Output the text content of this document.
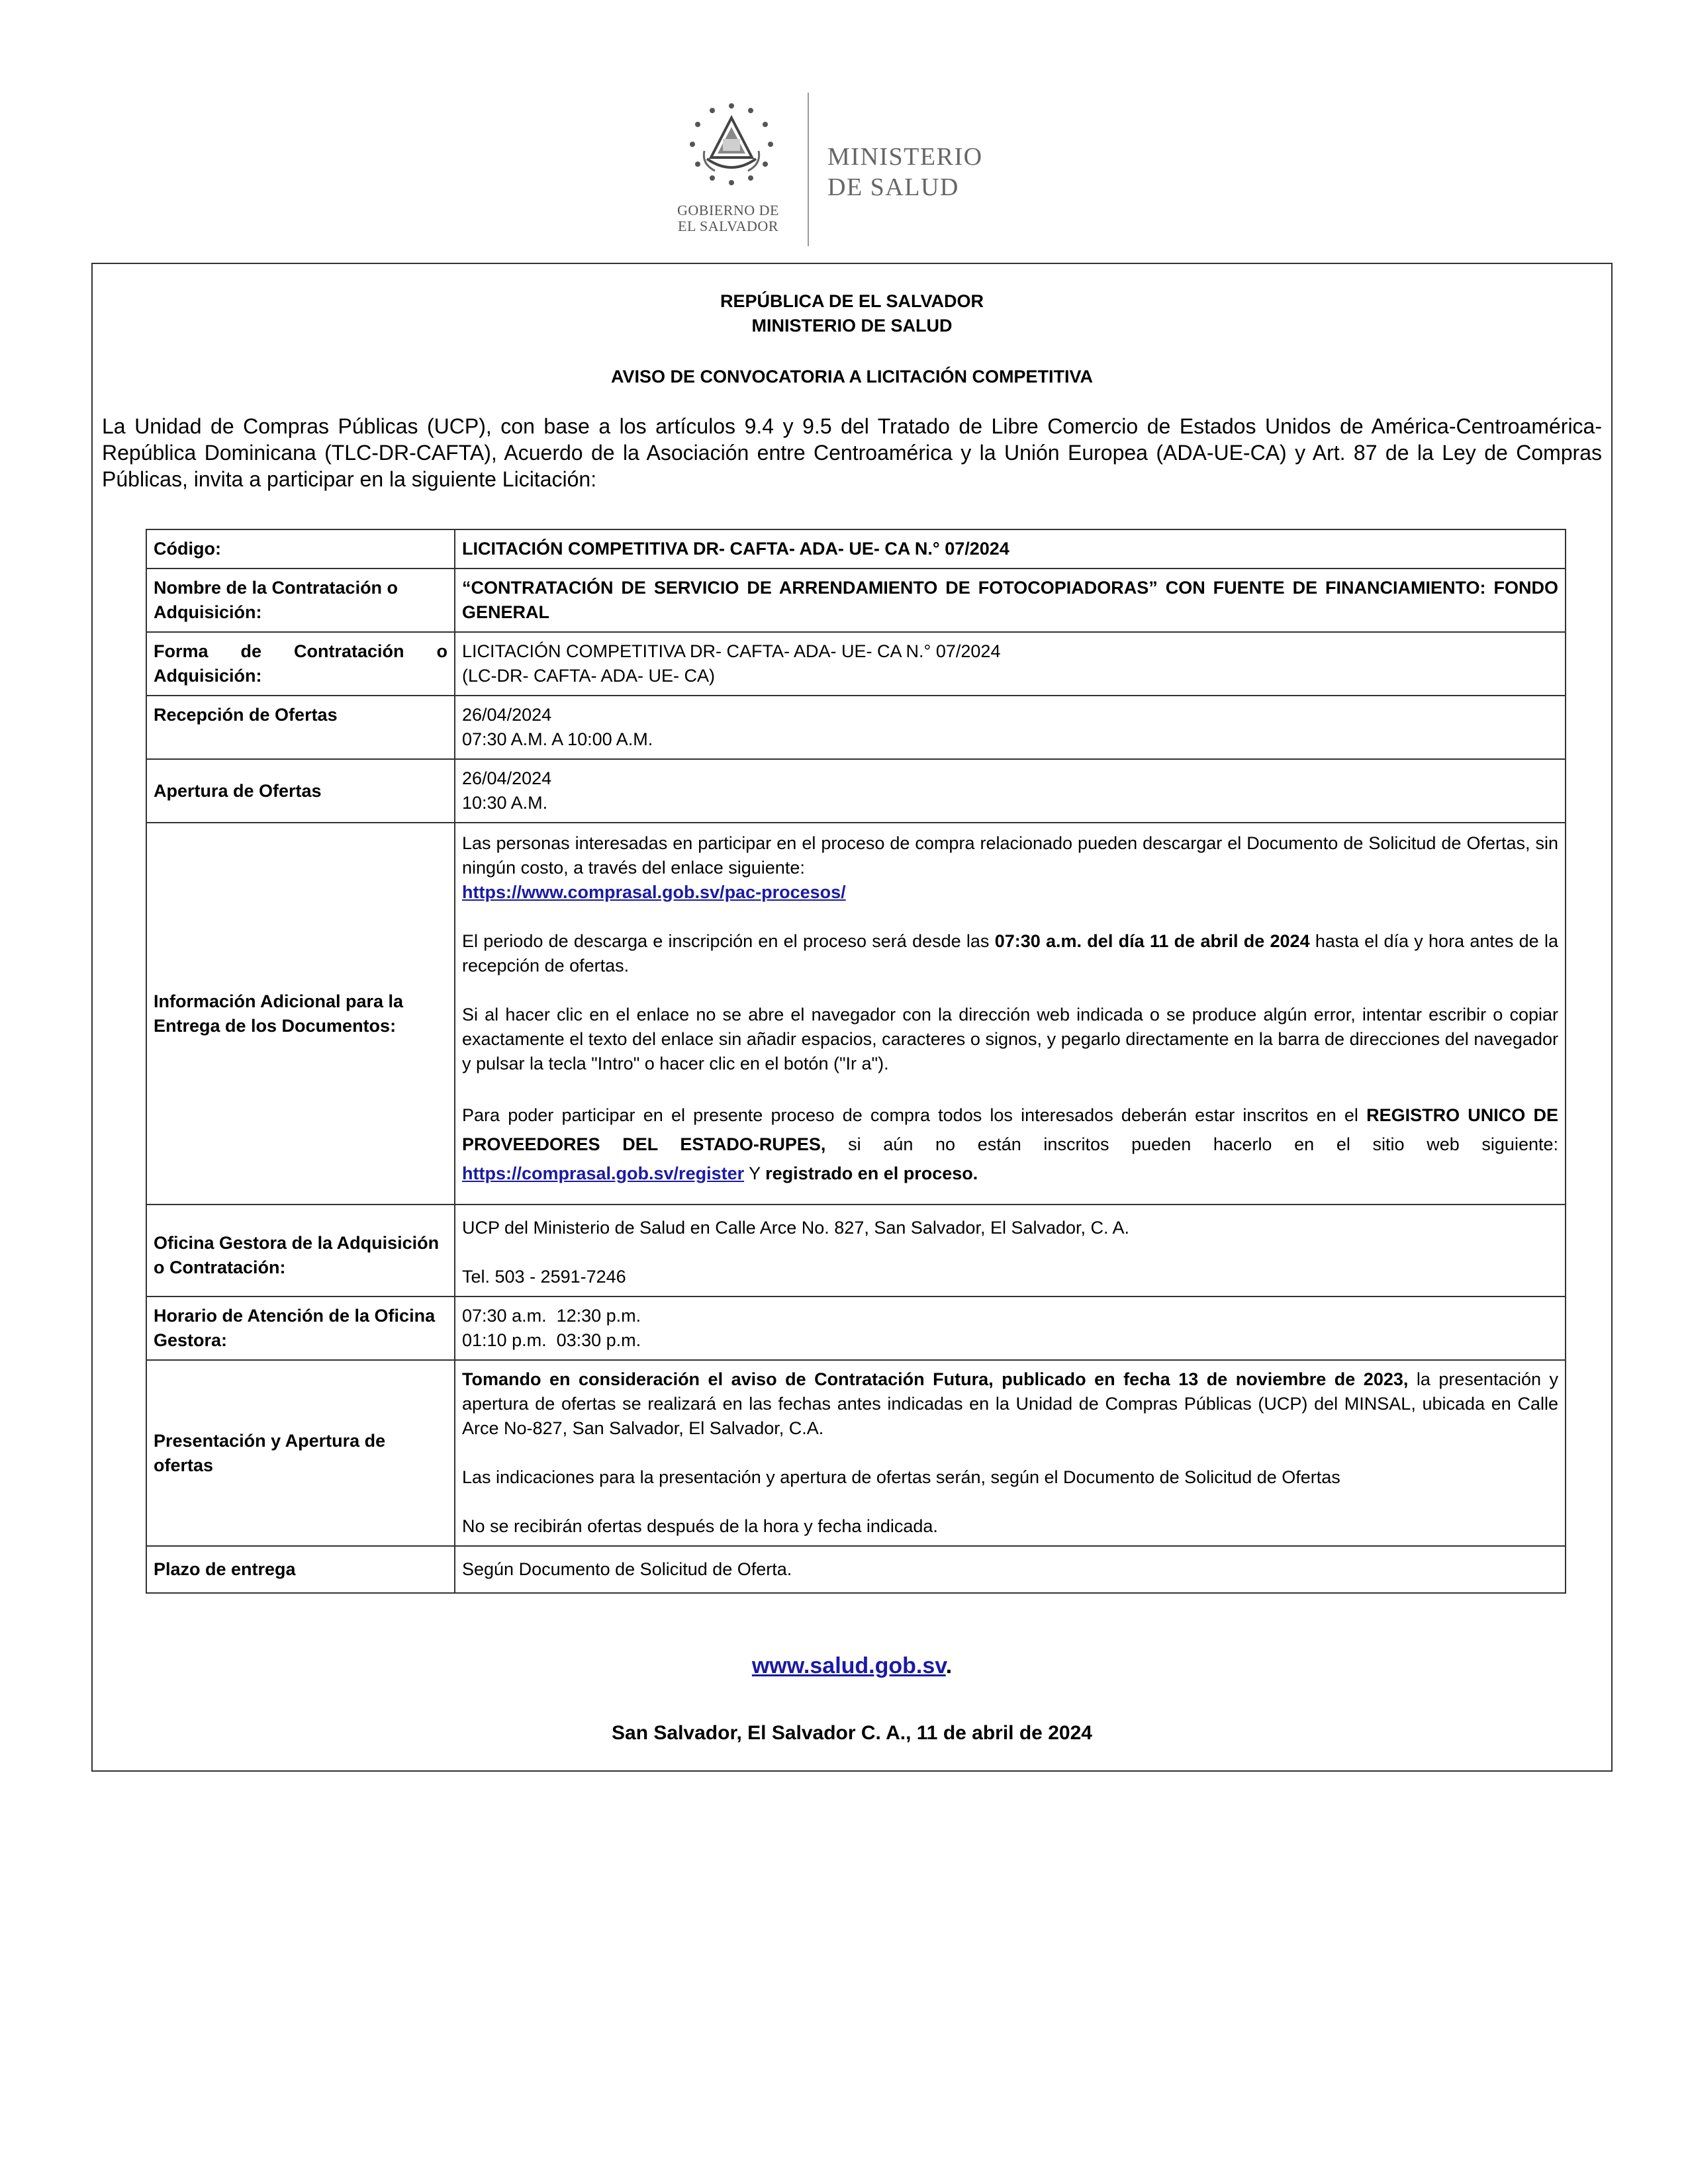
GOBIERNO DE
EL SALVADOR
MINISTERIO
DE SALUD
REPÚBLICA DE EL SALVADOR
MINISTERIO DE SALUD
AVISO DE CONVOCATORIA A LICITACIÓN COMPETITIVA
La Unidad de Compras Públicas (UCP), con base a los artículos 9.4 y 9.5 del Tratado de Libre Comercio de Estados Unidos de América-Centroamérica-República Dominicana (TLC-DR-CAFTA), Acuerdo de la Asociación entre Centroamérica y la Unión Europea (ADA-UE-CA) y Art. 87 de la Ley de Compras Públicas, invita a participar en la siguiente Licitación:
Código:	LICITACIÓN COMPETITIVA DR- CAFTA- ADA- UE- CA N.° 07/2024
Nombre de la Contratación o Adquisición:	“CONTRATACIÓN DE SERVICIO DE ARRENDAMIENTO DE FOTOCOPIADORAS” CON FUENTE DE FINANCIAMIENTO: FONDO GENERAL
Forma de Contratación o Adquisición:	LICITACIÓN COMPETITIVA DR- CAFTA- ADA- UE- CA N.° 07/2024

(LC-DR- CAFTA- ADA- UE- CA)

Recepción de Ofertas	26/04/2024

07:30 A.M. A 10:00 A.M.

Apertura de Ofertas	26/04/2024

10:30 A.M.

Información Adicional para la Entrega de los Documentos:	Las personas interesadas en participar en el proceso de compra relacionado pueden descargar el Documento de Solicitud de Ofertas, sin ningún costo, a través del enlace siguiente:

https://www.comprasal.gob.sv/pac-procesos/

El periodo de descarga e inscripción en el proceso será desde las 07:30 a.m. del día 11 de abril de 2024 hasta el día y hora antes de la recepción de ofertas.

Si al hacer clic en el enlace no se abre el navegador con la dirección web indicada o se produce algún error, intentar escribir o copiar exactamente el texto del enlace sin añadir espacios, caracteres o signos, y pegarlo directamente en la barra de direcciones del navegador y pulsar la tecla "Intro" o hacer clic en el botón ("Ir a").

Para poder participar en el presente proceso de compra todos los interesados deberán estar inscritos en el REGISTRO UNICO DE PROVEEDORES DEL ESTADO-RUPES, si aún no están inscritos pueden hacerlo en el sitio web siguiente: https://comprasal.gob.sv/register Y registrado en el proceso.

Oficina Gestora de la Adquisición o Contratación:	UCP del Ministerio de Salud en Calle Arce No. 827, San Salvador, El Salvador, C. A.

Tel. 503 - 2591-7246

Horario de Atención de la Oficina Gestora:	07:30 a.m.  12:30 p.m.

01:10 p.m.  03:30 p.m.

Presentación y Apertura de ofertas	Tomando en consideración el aviso de Contratación Futura, publicado en fecha 13 de noviembre de 2023, la presentación y apertura de ofertas se realizará en las fechas antes indicadas en la Unidad de Compras Públicas (UCP) del MINSAL, ubicada en Calle Arce No-827, San Salvador, El Salvador, C.A.

Las indicaciones para la presentación y apertura de ofertas serán, según el Documento de Solicitud de Ofertas

No se recibirán ofertas después de la hora y fecha indicada.

Plazo de entrega	Según Documento de Solicitud de Oferta.
www.salud.gob.sv.
San Salvador, El Salvador C. A., 11 de abril de 2024
